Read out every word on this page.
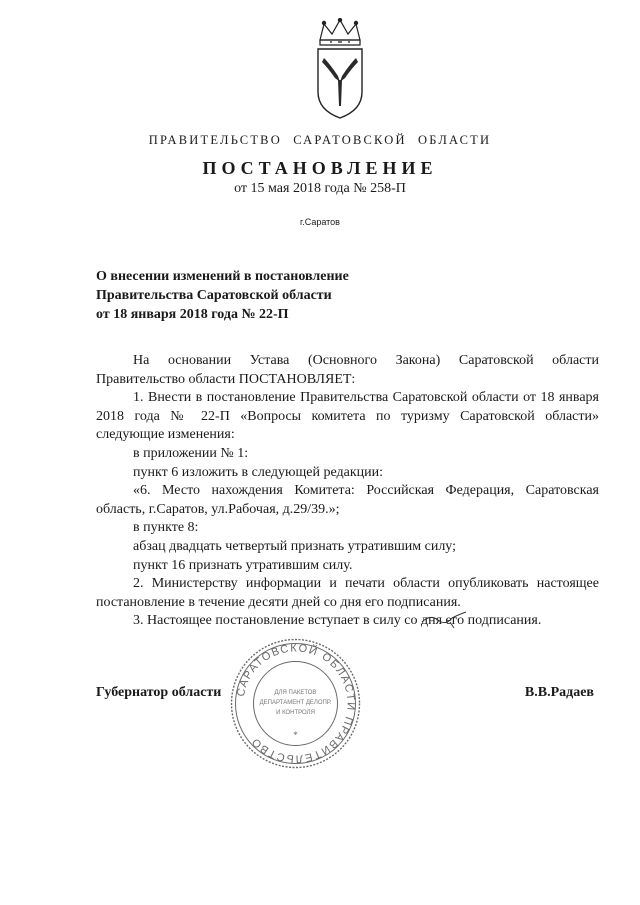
ПРАВИТЕЛЬСТВО САРАТОВСКОЙ ОБЛАСТИ
ПОСТАНОВЛЕНИЕ
от 15 мая 2018 года № 258-П
г.Саратов
О внесении изменений в постановление
Правительства Саратовской области
от 18 января 2018 года № 22-П

На основании Устава (Основного Закона) Саратовской области Правительство области ПОСТАНОВЛЯЕТ:

1. Внести в постановление Правительства Саратовской области от 18 января 2018 года № 22-П «Вопросы комитета по туризму Саратовской области» следующие изменения:

в приложении № 1:

пункт 6 изложить в следующей редакции:

«6. Место нахождения Комитета: Российская Федерация, Саратовская область, г.Саратов, ул.Рабочая, д.29/39.»;

в пункте 8:

абзац двадцать четвертый признать утратившим силу;

пункт 16 признать утратившим силу.

2. Министерству информации и печати области опубликовать настоящее постановление в течение десяти дней со дня его подписания.

3. Настоящее постановление вступает в силу со дня его подписания.

Губернатор области	В.В.Радаев
САРАТОВСКОЙ ОБЛАСТИ ПРАВИТЕЛЬСТВО
ДЛЯ ПАКЕТОВ
ДЕПАРТАМЕНТ ДЕЛОПР.
И КОНТРОЛЯ
*
